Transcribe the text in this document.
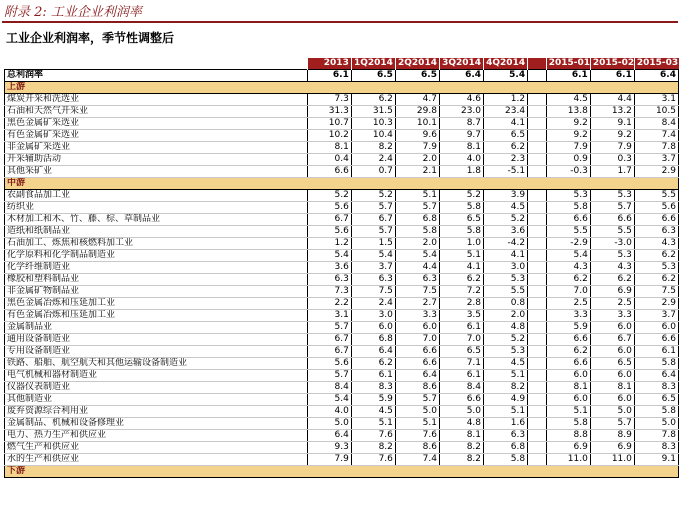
附录 2: 工业企业利润率
工业企业利润率，季节性调整后
	2013	1Q2014	2Q2014	3Q2014	4Q2014		2015-01	2015-02	2015-03
总利润率	6.1	6.5	6.5	6.4	5.4		6.1	6.1	6.4
上游									
煤炭开采和洗选业	7.3	6.2	4.7	4.6	1.2		4.5	4.4	3.1
石油和天然气开采业	31.3	31.5	29.8	23.0	23.4		13.8	13.2	10.5
黑色金属矿采选业	10.7	10.3	10.1	8.7	4.1		9.2	9.1	8.4
有色金属矿采选业	10.2	10.4	9.6	9.7	6.5		9.2	9.2	7.4
非金属矿采选业	8.1	8.2	7.9	8.1	6.2		7.9	7.9	7.8
开采辅助活动	0.4	2.4	2.0	4.0	2.3		0.9	0.3	3.7
其他采矿业	6.6	0.7	2.1	1.8	-5.1		-0.3	1.7	2.9
中游									
农副食品加工业	5.2	5.2	5.1	5.2	3.9		5.3	5.3	5.5
纺织业	5.6	5.7	5.7	5.8	4.5		5.8	5.7	5.6
木材加工和木、竹、藤、棕、草制品业	6.7	6.7	6.8	6.5	5.2		6.6	6.6	6.6
造纸和纸制品业	5.6	5.7	5.8	5.8	3.6		5.5	5.5	6.3
石油加工、炼焦和核燃料加工业	1.2	1.5	2.0	1.0	-4.2		-2.9	-3.0	4.3
化学原料和化学制品制造业	5.4	5.4	5.4	5.1	4.1		5.4	5.3	6.2
化学纤维制造业	3.6	3.7	4.4	4.1	3.0		4.3	4.3	5.3
橡胶和塑料制品业	6.3	6.3	6.3	6.2	5.3		6.2	6.2	6.2
非金属矿物制品业	7.3	7.5	7.5	7.2	5.5		7.0	6.9	7.5
黑色金属冶炼和压延加工业	2.2	2.4	2.7	2.8	0.8		2.5	2.5	2.9
有色金属冶炼和压延加工业	3.1	3.0	3.3	3.5	2.0		3.3	3.3	3.7
金属制品业	5.7	6.0	6.0	6.1	4.8		5.9	6.0	6.0
通用设备制造业	6.7	6.8	7.0	7.0	5.2		6.6	6.7	6.6
专用设备制造业	6.7	6.4	6.6	6.5	5.3		6.2	6.0	6.1
铁路、船舶、航空航天和其他运输设备制造业	5.6	6.2	6.6	7.1	4.5		6.6	6.5	5.8
电气机械和器材制造业	5.7	6.1	6.4	6.1	5.1		6.0	6.0	6.4
仪器仪表制造业	8.4	8.3	8.6	8.4	8.2		8.1	8.1	8.3
其他制造业	5.4	5.9	5.7	6.6	4.9		6.0	6.0	6.5
废弃资源综合利用业	4.0	4.5	5.0	5.0	5.1		5.1	5.0	5.8
金属制品、机械和设备修理业	5.0	5.1	5.1	4.8	1.6		5.8	5.7	5.0
电力、热力生产和供应业	6.4	7.6	7.6	8.1	6.3		8.8	8.9	7.8
燃气生产和供应业	9.3	8.2	8.6	8.2	6.8		6.9	6.9	8.3
水的生产和供应业	7.9	7.6	7.4	8.2	5.8		11.0	11.0	9.1
下游									
